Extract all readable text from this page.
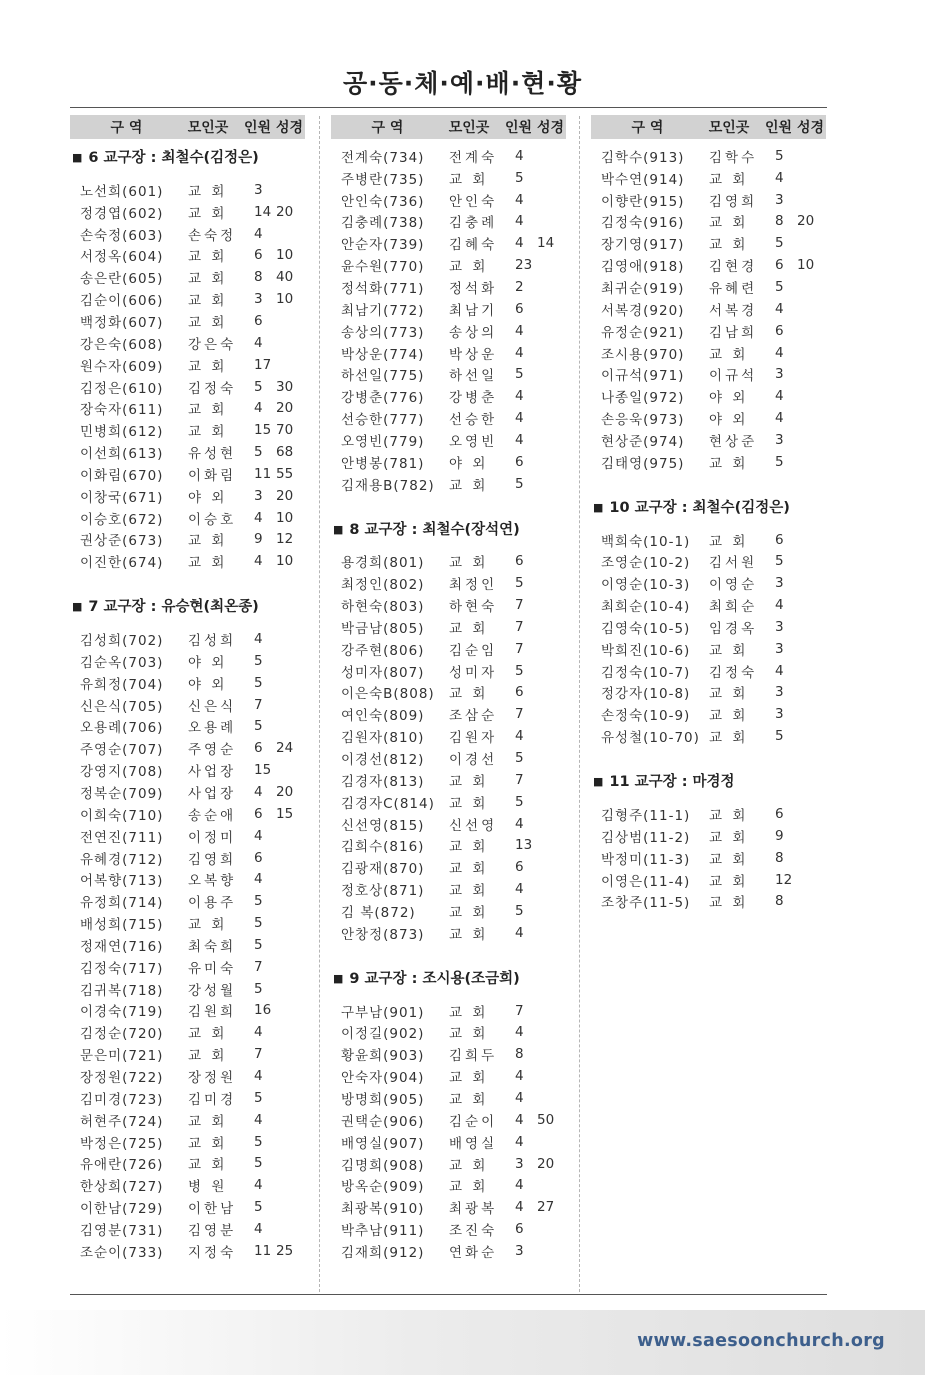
공·동·체·예·배·현·황
구 역	모인곳	인원 성경
■ 6 교구장 : 최철수(김정은)
노선희(601)	교 회	3
정경엽(602)	교 회	14 20
손숙정(603)	손숙정	4
서정옥(604)	교 회	6 10
송은란(605)	교 회	8 40
김순이(606)	교 회	3 10
백정화(607)	교 회	6
강은숙(608)	강은숙	4
원수자(609)	교 회	17
김정은(610)	김정숙	5 30
장숙자(611)	교 회	4 20
민병희(612)	교 회	15 70
이선희(613)	유성현	5 68
이화림(670)	이화림	11 55
이창국(671)	야 외	3 20
이승호(672)	이승호	4 10
권상준(673)	교 회	9 12
이진한(674)	교 회	4 10
■ 7 교구장 : 유승현(최온종)
김성희(702)	김성희	4
김순옥(703)	야 외	5
유희정(704)	야 외	5
신은식(705)	신은식	7
오용례(706)	오용례	5
주영순(707)	주영순	6 24
강영지(708)	사업장	15
정복순(709)	사업장	4 20
이희숙(710)	송순애	6 15
전연진(711)	이정미	4
유혜경(712)	김영희	6
어복향(713)	오복향	4
유정희(714)	이용주	5
배성희(715)	교 회	5
정재연(716)	최숙희	5
김정숙(717)	유미숙	7
김귀복(718)	강성월	5
이경숙(719)	김원희	16
김정순(720)	교 회	4
문은미(721)	교 회	7
장정원(722)	장정원	4
김미경(723)	김미경	5
허현주(724)	교 회	4
박정은(725)	교 회	5
유애란(726)	교 회	5
한상희(727)	병 원	4
이한남(729)	이한남	5
김영분(731)	김영분	4
조순이(733)	지정숙	11 25
구 역	모인곳	인원 성경
전계숙(734)	전계숙	4
주병란(735)	교 회	5
안인숙(736)	안인숙	4
김충례(738)	김충례	4
안순자(739)	김혜숙	4 14
윤수원(770)	교 회	23
정석화(771)	정석화	2
최남기(772)	최남기	6
송상의(773)	송상의	4
박상운(774)	박상운	4
하선일(775)	하선일	5
강병춘(776)	강병춘	4
선승한(777)	선승한	4
오영빈(779)	오영빈	4
안병봉(781)	야 외	6
김재용B(782)	교 회	5
■ 8 교구장 : 최철수(장석연)
용경희(801)	교 회	6
최정인(802)	최정인	5
하현숙(803)	하현숙	7
박금남(805)	교 회	7
강주현(806)	김순임	7
성미자(807)	성미자	5
이은숙B(808)	교 회	6
여인숙(809)	조삼순	7
김원자(810)	김원자	4
이경선(812)	이경선	5
김경자(813)	교 회	7
김경자C(814)	교 회	5
신선영(815)	신선영	4
김희수(816)	교 회	13
김광재(870)	교 회	6
정호상(871)	교 회	4
김 복(872)	교 회	5
안창정(873)	교 회	4
■ 9 교구장 : 조시용(조금희)
구부남(901)	교 회	7
이정길(902)	교 회	4
황윤희(903)	김희두	8
안숙자(904)	교 회	4
방명희(905)	교 회	4
권택순(906)	김순이	4 50
배영실(907)	배영실	4
김명희(908)	교 회	3 20
방옥순(909)	교 회	4
최광복(910)	최광복	4 27
박추남(911)	조진숙	6
김재희(912)	연화순	3
구 역	모인곳	인원 성경
김학수(913)	김학수	5
박수연(914)	교 회	4
이향란(915)	김영희	3
김정숙(916)	교 회	8 20
장기영(917)	교 회	5
김영애(918)	김현경	6 10
최귀순(919)	유혜련	5
서복경(920)	서복경	4
유정순(921)	김남희	6
조시용(970)	교 회	4
이규석(971)	이규석	3
나종일(972)	야 외	4
손응욱(973)	야 외	4
현상준(974)	현상준	3
김태영(975)	교 회	5
■ 10 교구장 : 최철수(김정은)
백희숙(10-1)	교 회	6
조영순(10-2)	김서원	5
이영순(10-3)	이영순	3
최희순(10-4)	최희순	4
김영숙(10-5)	임경옥	3
박희진(10-6)	교 회	3
김정숙(10-7)	김정숙	4
정강자(10-8)	교 회	3
손정숙(10-9)	교 회	3
유성철(10-70) 교 회	5
■ 11 교구장 : 마경정
김형주(11-1)	교 회	6
김상범(11-2)	교 회	9
박정미(11-3)	교 회	8
이영은(11-4)	교 회	12
조창주(11-5)	교 회	8
www.saesoonchurch.org
